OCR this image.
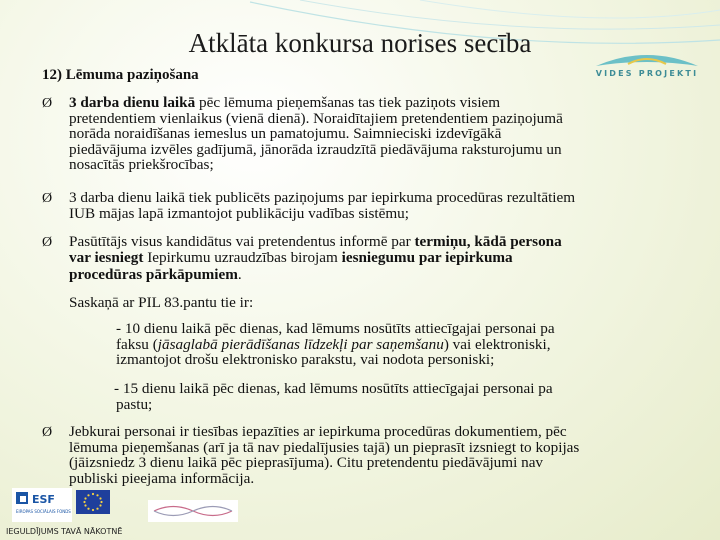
Atklāta konkursa norises secība
VIDES PROJEKTI
12) Lēmuma paziņošana
Ø 3 darba dienu laikā pēc lēmuma pieņemšanas tas tiek paziņots visiem
pretendentiem vienlaikus (vienā dienā). Noraidītajiem pretendentiem paziņojumā
norāda noraidīšanas iemeslus un pamatojumu. Saimnieciski izdevīgākā
piedāvājuma izvēles gadījumā, jānorāda izraudzītā piedāvājuma raksturojumu un
nosacītās priekšrocības;
Ø 3 darba dienu laikā tiek publicēts paziņojums par iepirkuma procedūras rezultātiem
IUB mājas lapā izmantojot publikāciju vadības sistēmu;
Ø Pasūtītājs visus kandidātus vai pretendentus informē par termiņu, kādā persona
var iesniegt Iepirkumu uzraudzības birojam iesniegumu par iepirkuma
procedūras pārkāpumiem.
Saskaņā ar PIL 83.pantu tie ir:
- 10 dienu laikā pēc dienas, kad lēmums nosūtīts attiecīgajai personai pa
faksu (jāsaglabā pierādīšanas līdzekļi par saņemšanu) vai elektroniski,
izmantojot drošu elektronisko parakstu, vai nodota personiski;
- 15 dienu laikā pēc dienas, kad lēmums nosūtīts attiecīgajai personai pa
pastu;
Ø Jebkurai personai ir tiesības iepazīties ar iepirkuma procedūras dokumentiem, pēc
lēmuma pieņemšanas (arī ja tā nav piedalījusies tajā) un pieprasīt izsniegt to kopijas
(jāizsniedz 3 dienu laikā pēc pieprasījuma). Citu pretendentu piedāvājumi nav
publiski pieejama informācija.
ESF
EIROPAS SOCIĀLAIS FONDS
IEGULDĪJUMS TAVĀ NĀKOTNĒ
